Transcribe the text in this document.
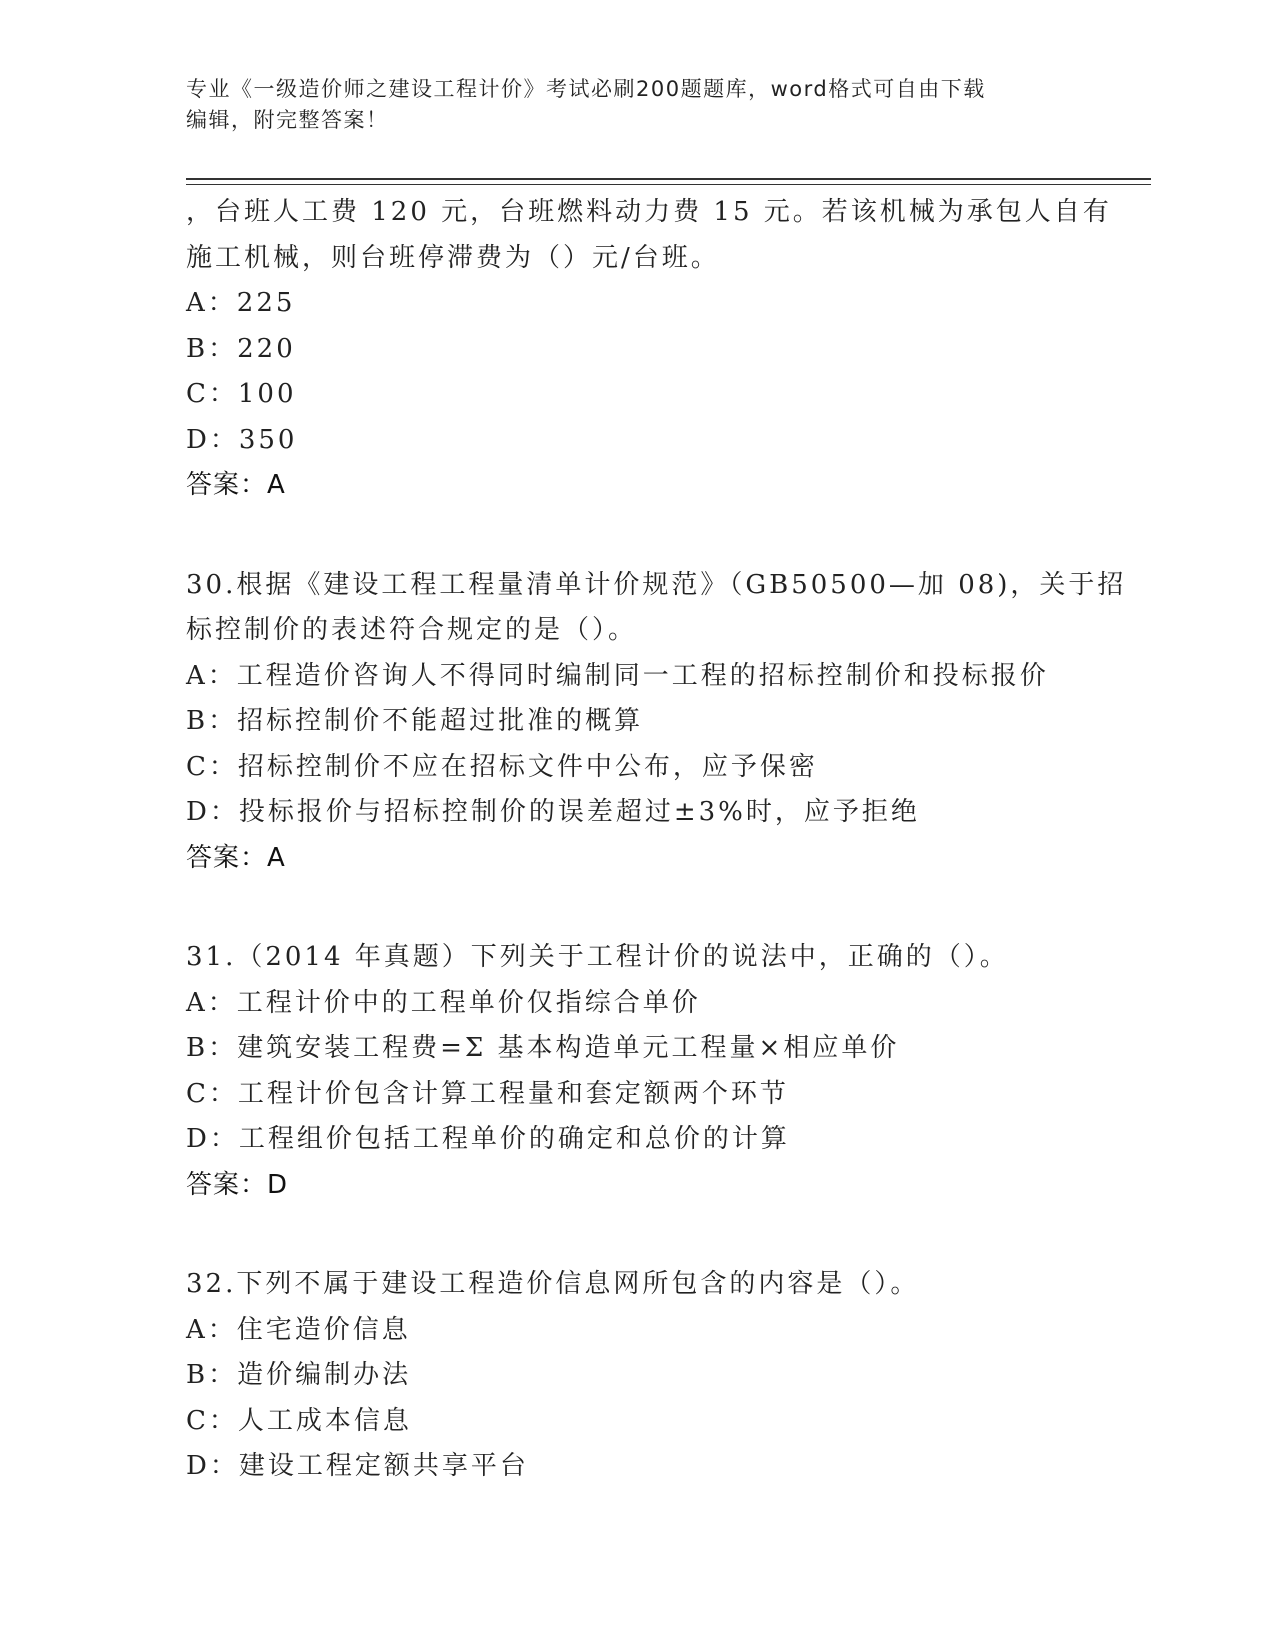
专业《一级造价师之建设工程计价》考试必刷200题题库，word格式可自由下载
编辑，附完整答案！
，台班人工费 120 元，台班燃料动力费 15 元。若该机械为承包人自有
施工机械，则台班停滞费为（）元/台班。
A：225
B：220
C：100
D：350
答案：A
30.根据《建设工程工程量清单计价规范》（GB50500—加 08)，关于招
标控制价的表述符合规定的是（）。
A：工程造价咨询人不得同时编制同一工程的招标控制价和投标报价
B：招标控制价不能超过批准的概算
C：招标控制价不应在招标文件中公布，应予保密
D：投标报价与招标控制价的误差超过±3%时，应予拒绝
答案：A
31.（2014 年真题）下列关于工程计价的说法中，正确的（）。
A：工程计价中的工程单价仅指综合单价
B：建筑安装工程费=Σ 基本构造单元工程量×相应单价
C：工程计价包含计算工程量和套定额两个环节
D：工程组价包括工程单价的确定和总价的计算
答案：D
32.下列不属于建设工程造价信息网所包含的内容是（）。
A：住宅造价信息
B：造价编制办法
C：人工成本信息
D：建设工程定额共享平台
